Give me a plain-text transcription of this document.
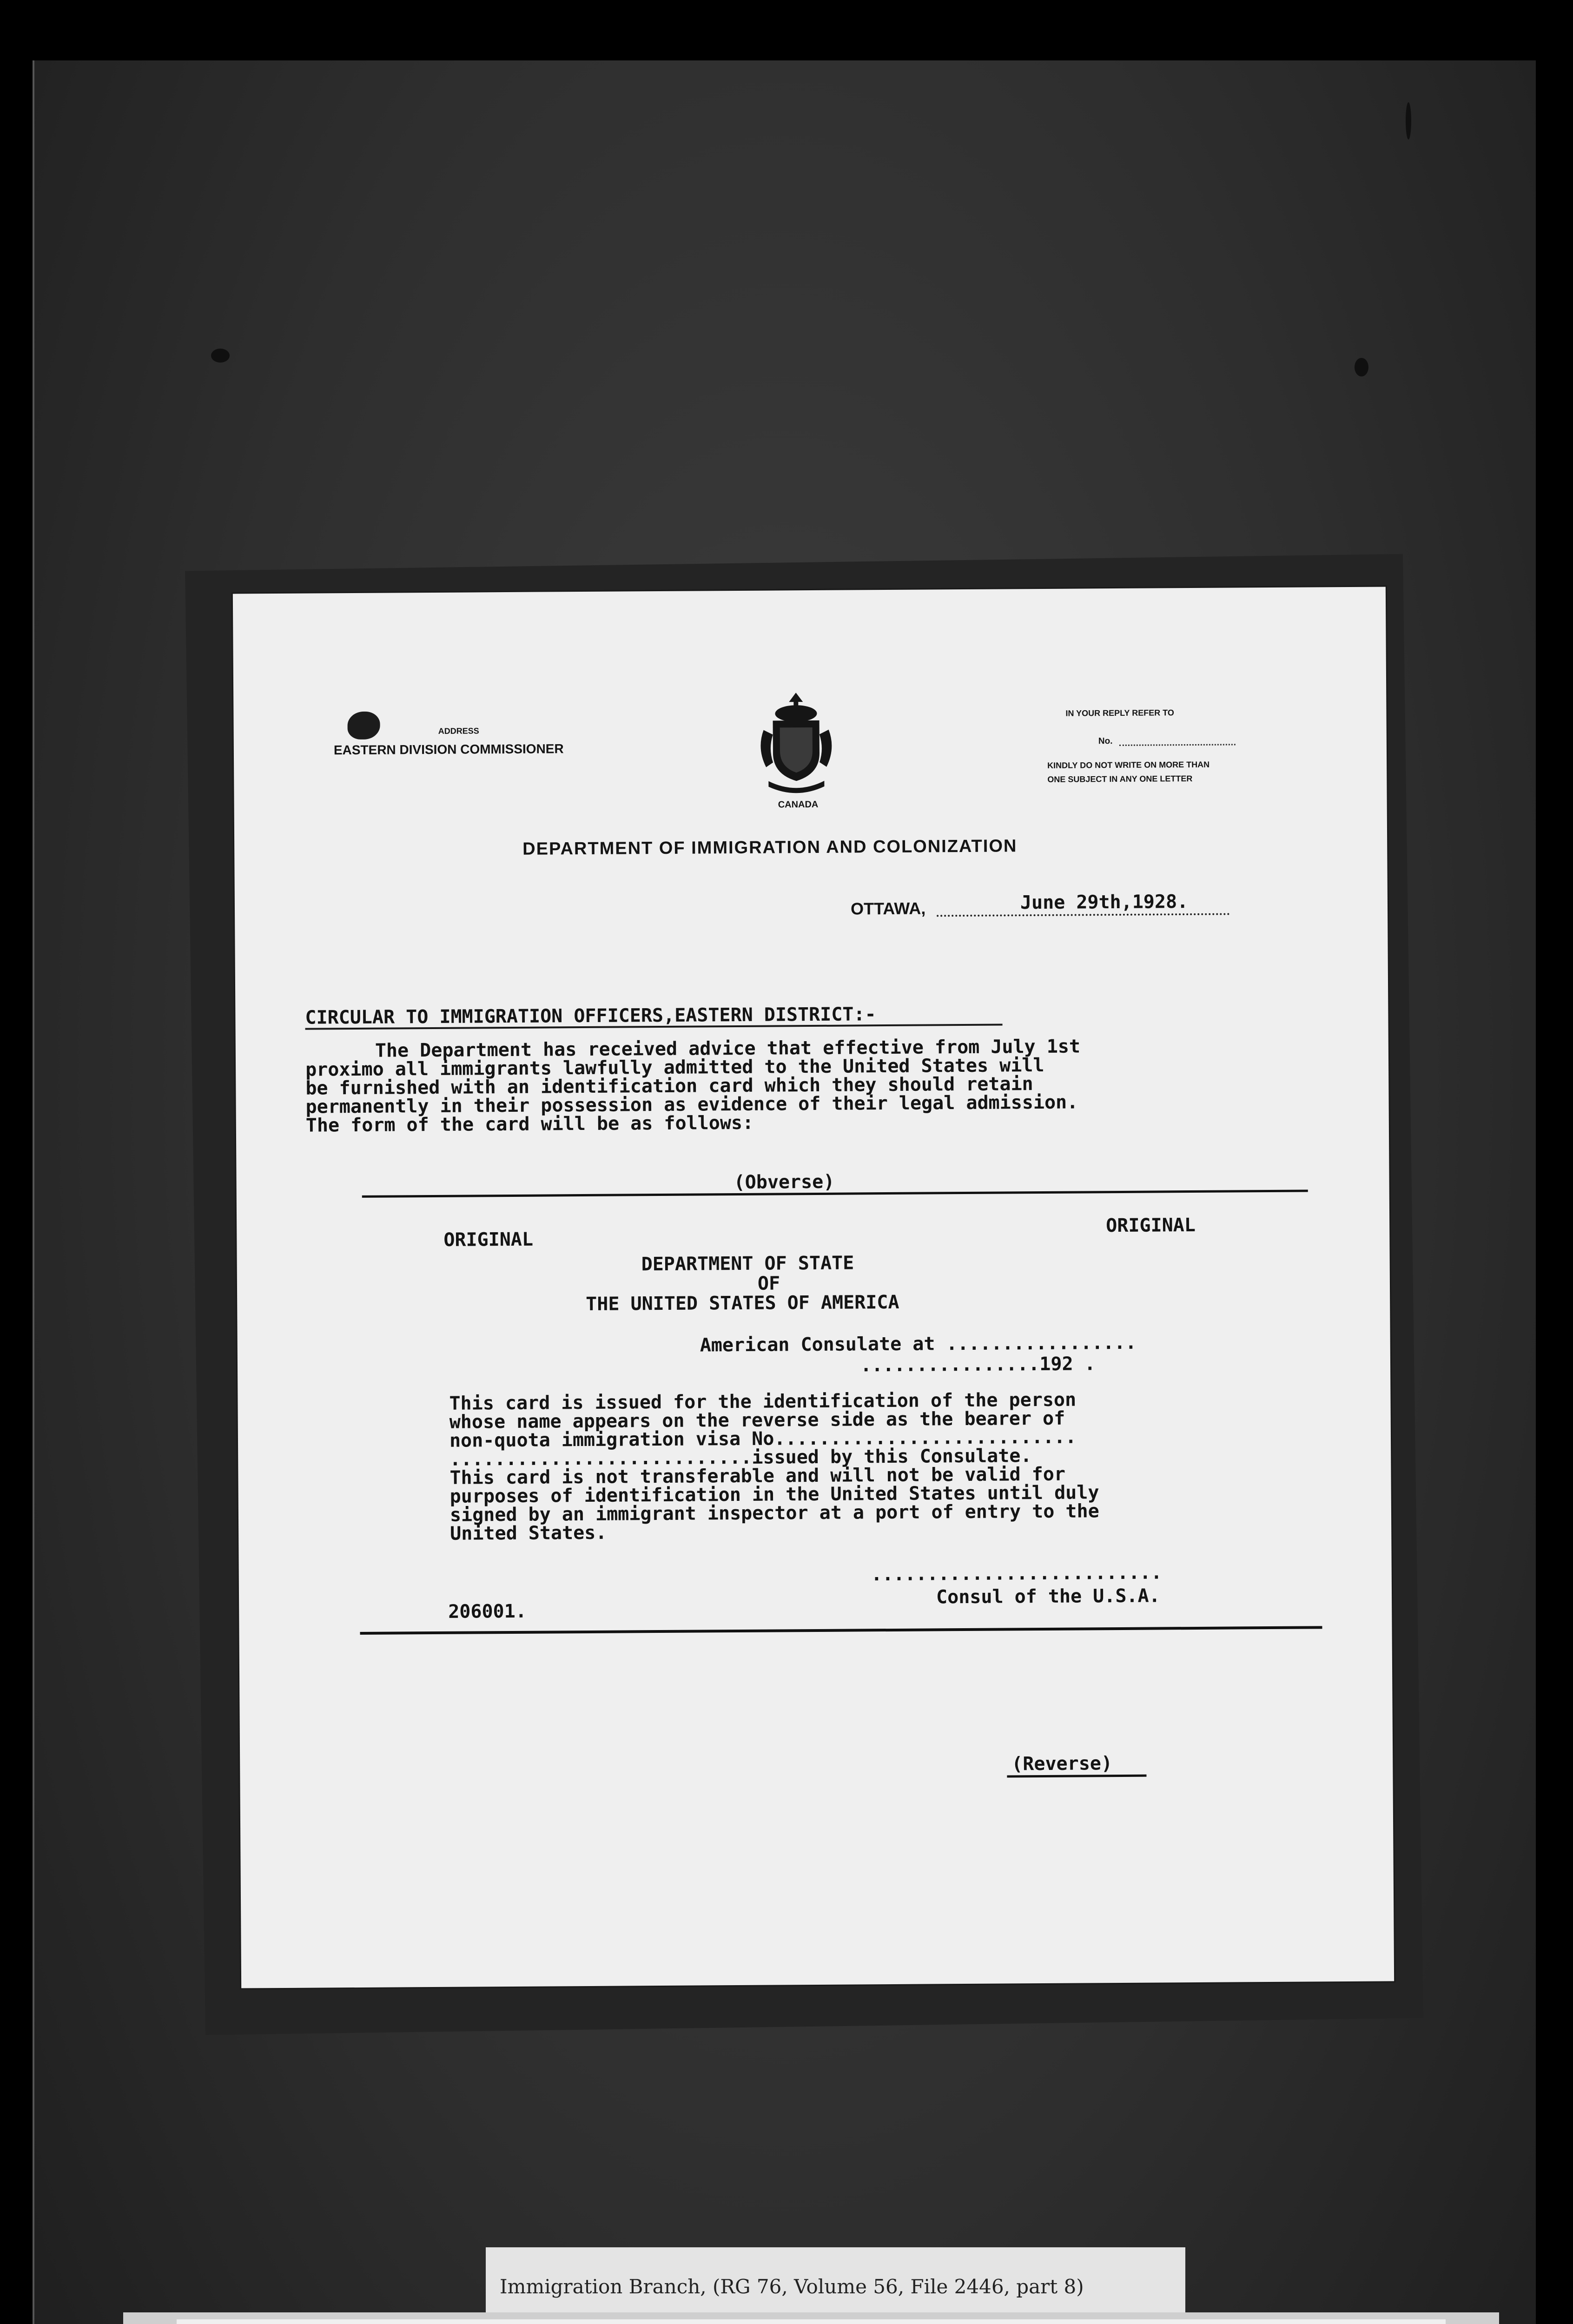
ADDRESS
EASTERN DIVISION COMMISSIONER
CANADA
IN YOUR REPLY REFER TO
No.
KINDLY DO NOT WRITE ON MORE THAN
ONE SUBJECT IN ANY ONE LETTER
DEPARTMENT OF IMMIGRATION AND COLONIZATION
OTTAWA,	June 29th,1928.
CIRCULAR TO IMMIGRATION OFFICERS,EASTERN DISTRICT:-
The Department has received advice that effective from July 1st
proximo all immigrants lawfully admitted to the United States will
be furnished with an identification card which they should retain
permanently in their possession as evidence of their legal admission.
The form of the card will be as follows:
(Obverse)
ORIGINAL
ORIGINAL
DEPARTMENT OF STATE
OF
THE UNITED STATES OF AMERICA
American Consulate at .................
................192 .
This card is issued for the identification of the person
whose name appears on the reverse side as the bearer of
non-quota immigration visa No...........................
...........................issued by this Consulate.
This card is not transferable and will not be valid for
purposes of identification in the United States until duly
signed by an immigrant inspector at a port of entry to the
United States.
..........................
Consul of the U.S.A.
206001.
(Reverse)
Immigration Branch, (RG 76, Volume 56, File 2446, part 8)
